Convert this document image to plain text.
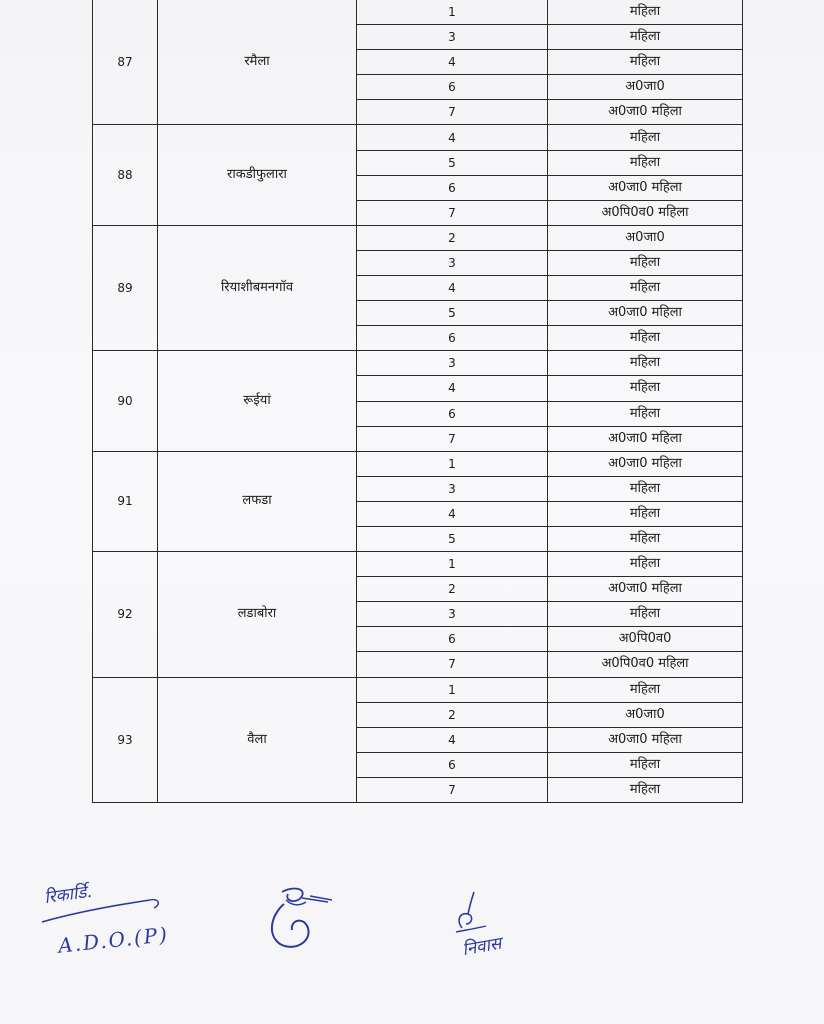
87	रमैला	1	महिला
		3	महिला
		4	महिला
		6	अ0जा0
		7	अ0जा0 महिला
88	राकडीफुलारा	4	महिला
		5	महिला
		6	अ0जा0 महिला
		7	अ0पि0व0 महिला
89	रियाशीबमनगॉव	2	अ0जा0
		3	महिला
		4	महिला
		5	अ0जा0 महिला
		6	महिला
90	रूईयां	3	महिला
		4	महिला
		6	महिला
		7	अ0जा0 महिला
91	लफडा	1	अ0जा0 महिला
		3	महिला
		4	महिला
		5	महिला
92	लडाबोरा	1	महिला
		2	अ0जा0 महिला
		3	महिला
		6	अ0पि0व0
		7	अ0पि0व0 महिला
93	वैला	1	महिला
		2	अ0जा0
		4	अ0जा0 महिला
		6	महिला
		7	महिला
रिकार्डि.
A.D.O.(P)	निवास
